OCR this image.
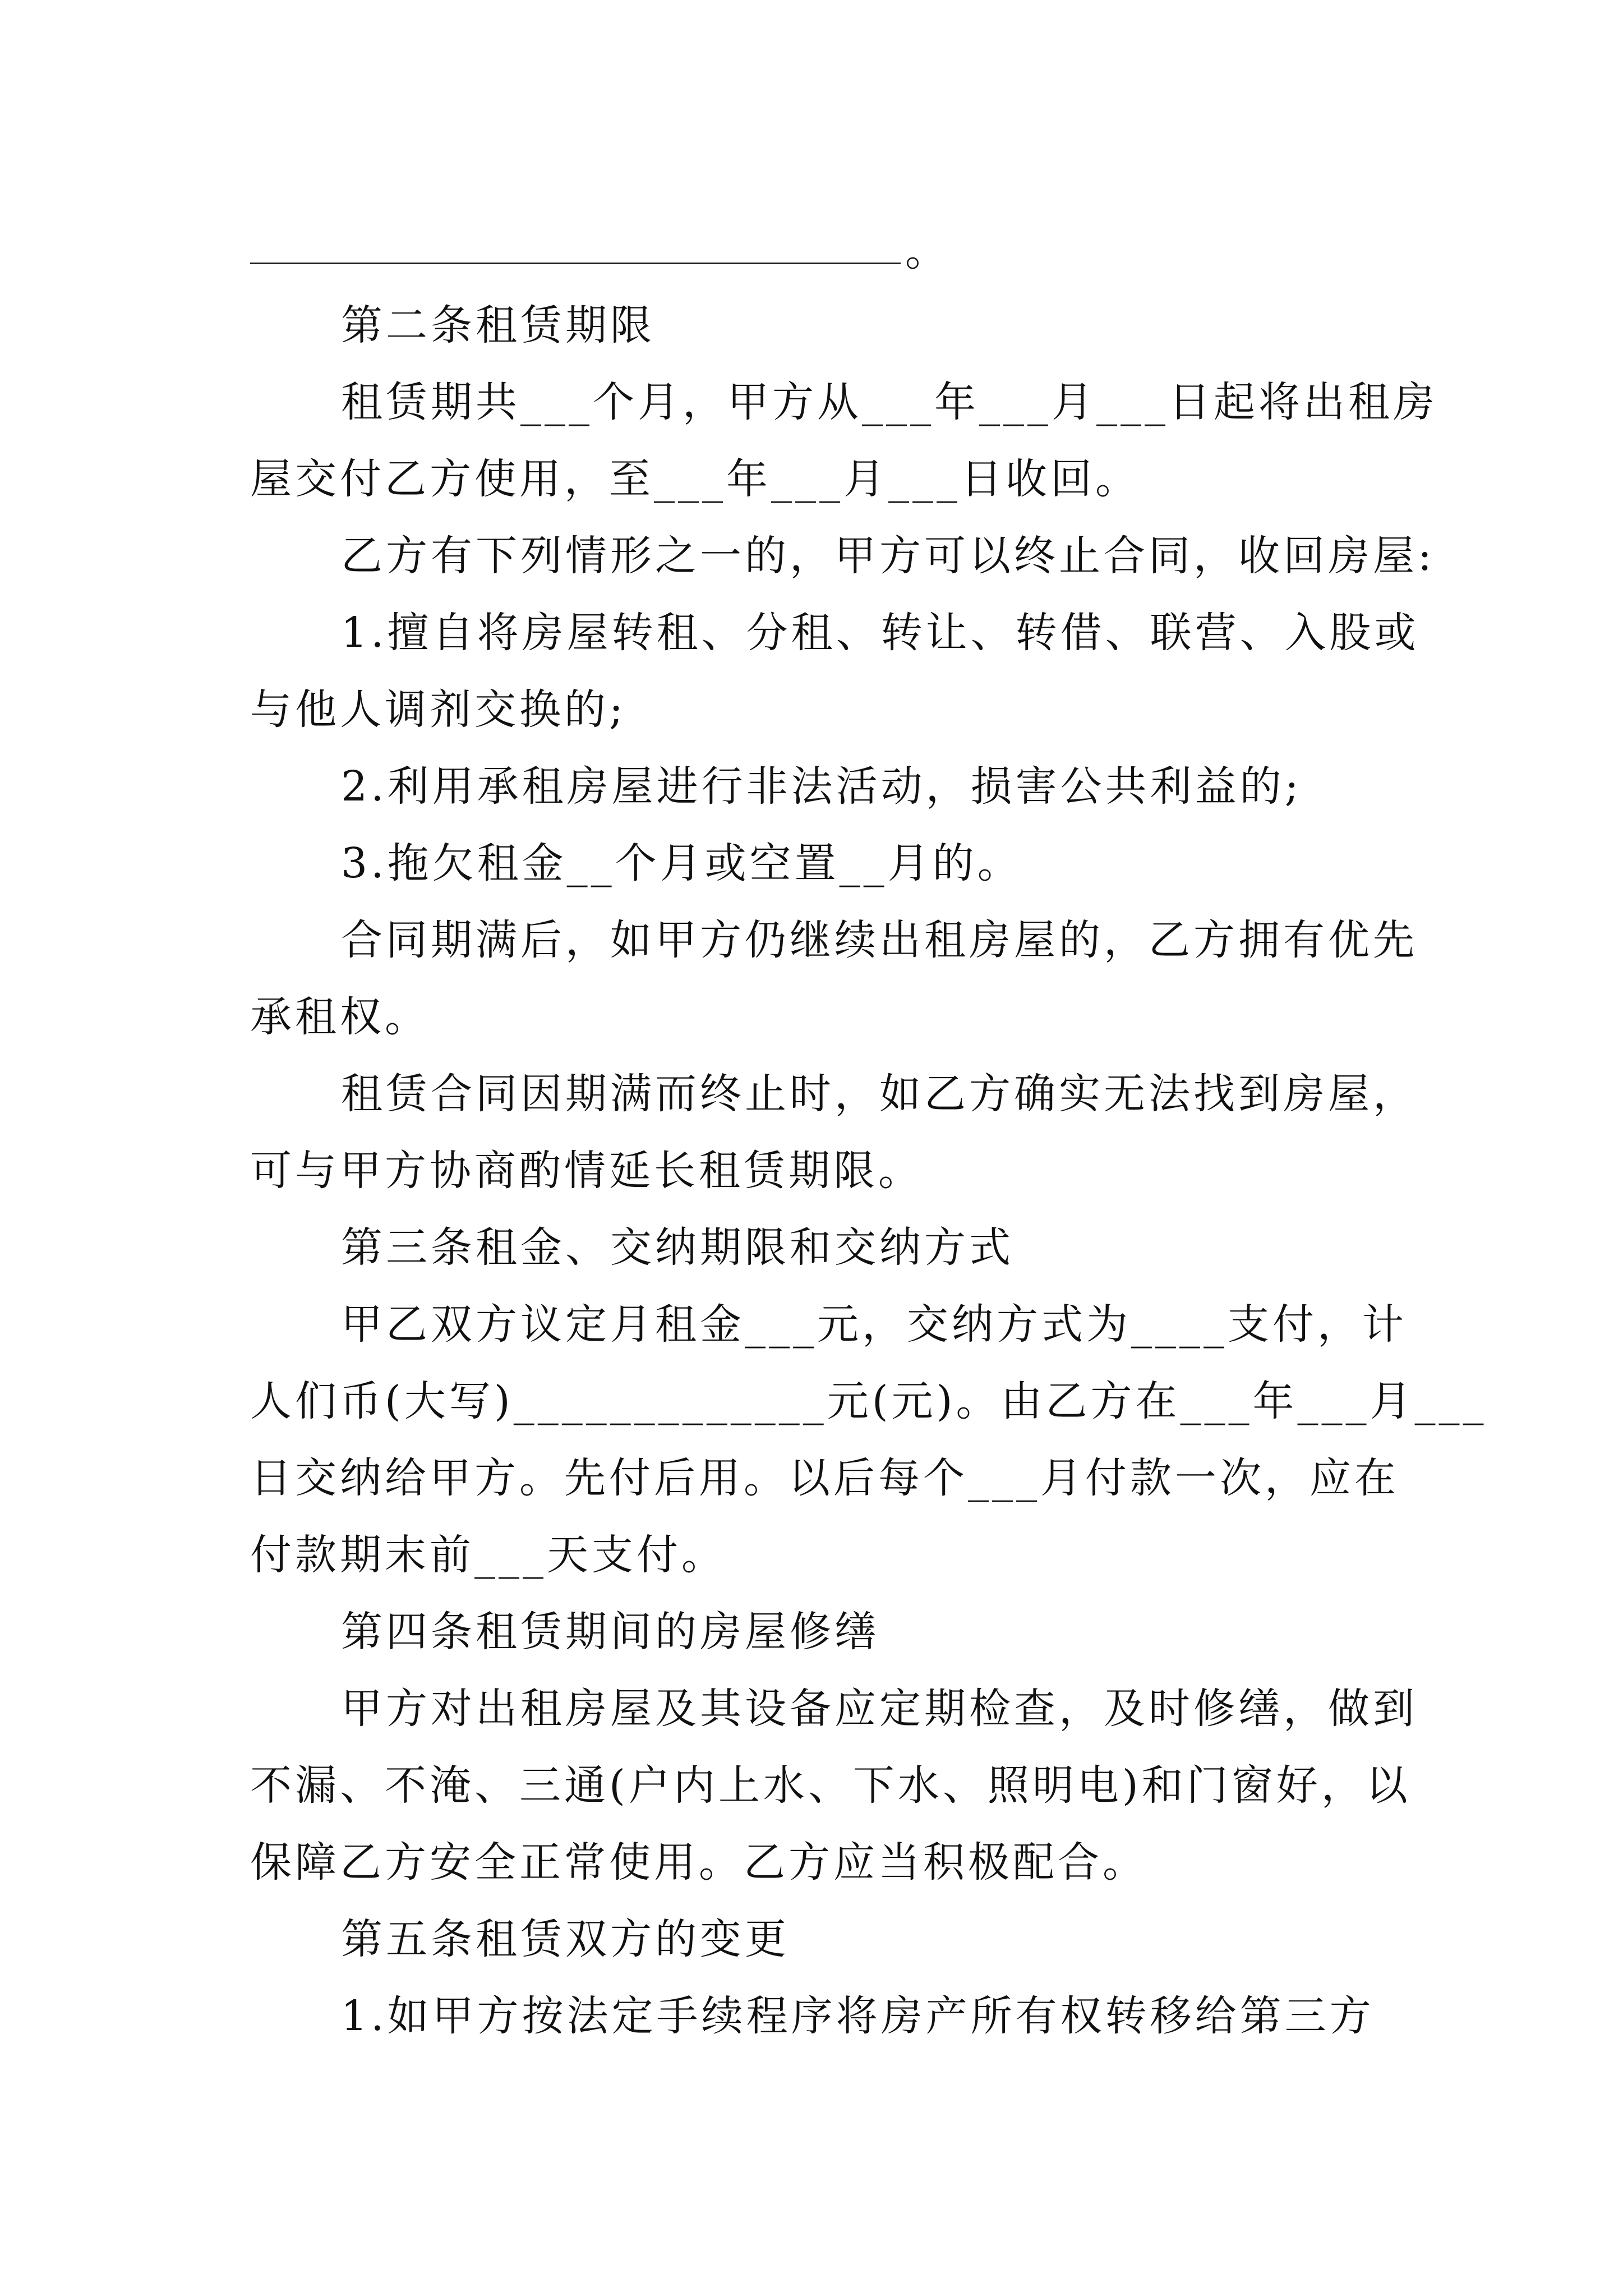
。
第二条租赁期限
租赁期共___个月，甲方从___年___月___日起将出租房
屋交付乙方使用，至___年___月___日收回。
乙方有下列情形之一的，甲方可以终止合同，收回房屋:
1.擅自将房屋转租、分租、转让、转借、联营、入股或
与他人调剂交换的;
2.利用承租房屋进行非法活动，损害公共利益的;
3.拖欠租金__个月或空置__月的。
合同期满后，如甲方仍继续出租房屋的，乙方拥有优先
承租权。
租赁合同因期满而终止时，如乙方确实无法找到房屋，
可与甲方协商酌情延长租赁期限。
第三条租金、交纳期限和交纳方式
甲乙双方议定月租金___元，交纳方式为____支付，计
人们币(大写)_____________元(元)。由乙方在___年___月___
日交纳给甲方。先付后用。以后每个___月付款一次，应在
付款期末前___天支付。
第四条租赁期间的房屋修缮
甲方对出租房屋及其设备应定期检查，及时修缮，做到
不漏、不淹、三通(户内上水、下水、照明电)和门窗好，以
保障乙方安全正常使用。乙方应当积极配合。
第五条租赁双方的变更
1.如甲方按法定手续程序将房产所有权转移给第三方
